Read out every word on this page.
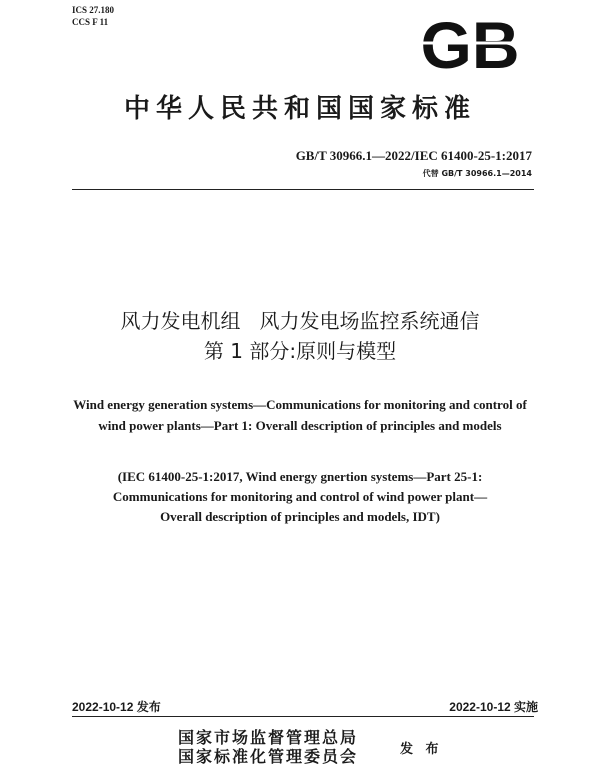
ICS 27.180
CCS F 11	GB
中华人民共和国国家标准
GB/T 30966.1—2022/IEC 61400-25-1:2017
代替 GB/T 30966.1—2014
风力发电机组   风力发电场监控系统通信
第 1 部分:原则与模型
Wind energy generation systems—Communications for monitoring and control of
wind power plants—Part 1: Overall description of principles and models
(IEC 61400-25-1:2017, Wind energy gnertion systems—Part 25-1:
Communications for monitoring and control of wind power plant—
Overall description of principles and models, IDT)
2022-10-12 发布	2022-10-12 实施
国家市场监督管理总局
国家标准化管理委员会	发 布
